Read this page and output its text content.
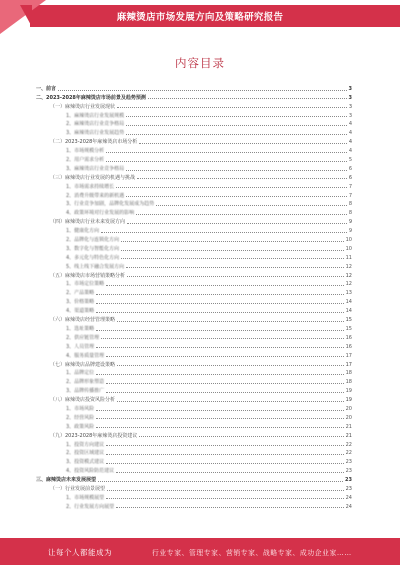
麻辣烫店市场发展方向及策略研究报告
内容目录
一、前言	3
二、2023-2028年麻辣烫店市场前景及趋势预测	3
（一）麻辣烫店行业发展现状	3
1、麻辣烫店行业发展规模	3
2、麻辣烫店行业竞争格局	4
3、麻辣烫店行业发展趋势	4
（二）2023-2028年麻辣烫店市场分析	4
1、市场规模分析	4
2、用户需求分析	5
3、麻辣烫店行业竞争格局	6
（三）麻辣烫店行业发展的机遇与挑战	6
1、市场需求持续增长	7
2、消费升级带来的新机遇	7
3、行业竞争加剧，品牌化发展成为趋势	8
4、政策环境对行业发展的影响	8
（四）麻辣烫店行业未来发展方向	9
1、健康化方向	9
2、品牌化与连锁化方向	10
3、数字化与智能化方向	10
4、多元化与特色化方向	11
5、线上线下融合发展方向	12
（五）麻辣烫店市场营销策略分析	12
1、市场定位策略	12
2、产品策略	13
3、价格策略	14
4、渠道策略	14
（六）麻辣烫店经营管理策略	15
1、选址策略	15
2、供应链管理	16
3、人员管理	16
4、服务质量管理	17
（七）麻辣烫店品牌建设策略	17
1、品牌定位	18
2、品牌形象塑造	18
3、品牌传播推广	19
（八）麻辣烫店投资风险分析	19
1、市场风险	20
2、经营风险	20
3、政策风险	21
（九）2023-2028年麻辣烫店投资建议	21
1、投资方向建议	22
2、投资区域建议	22
3、投资模式建议	23
4、投资风险防范建议	23
三、麻辣烫店未来发展展望	23
（一）行业发展前景展望	23
1、市场规模展望	24
2、行业发展方向展望	24
让每个人都能成为	行业专家、管理专家、营销专家、战略专家、成功企业家……
